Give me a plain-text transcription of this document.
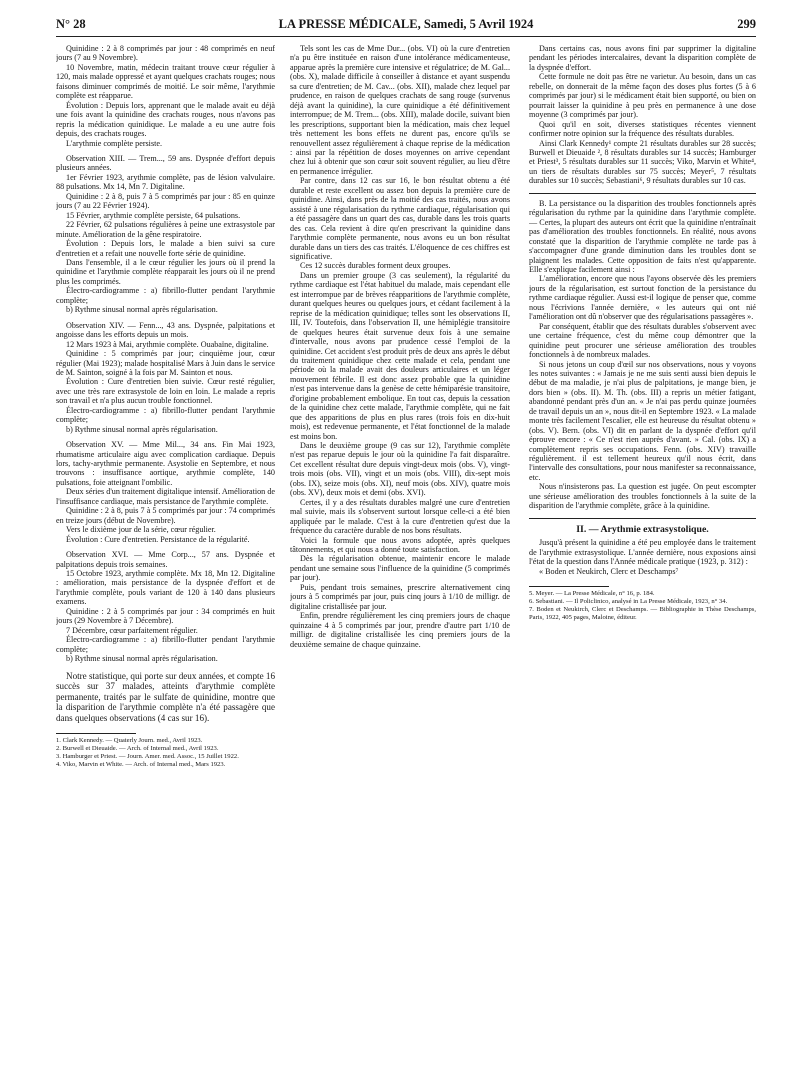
N° 28	LA PRESSE MÉDICALE, Samedi, 5 Avril 1924	299

Quinidine : 2 à 8 comprimés par jour : 48 comprimés en neuf jours (7 au 9 Novembre).

10 Novembre, matin, médecin traitant trouve cœur régulier à 120, mais malade oppressé et ayant quelques crachats rouges; nous faisons diminuer comprimés de moitié. Le soir même, l'arythmie complète est réapparue.

Évolution : Depuis lors, apprenant que le malade avait eu déjà une fois avant la quinidine des crachats rouges, nous n'avons pas repris la médication quinidique. Le malade a eu une autre fois depuis, des crachats rouges.

L'arythmie complète persiste.

Observation XIII. — Trem..., 59 ans. Dyspnée d'effort depuis plusieurs années.

1er Février 1923, arythmie complète, pas de lésion valvulaire. 88 pulsations. Mx 14, Mn 7. Digitaline.

Quinidine : 2 à 8, puis 7 à 5 comprimés par jour : 85 en quinze jours (7 au 22 Février 1924).

15 Février, arythmie complète persiste, 64 pulsations.

22 Février, 62 pulsations régulières à peine une extrasystole par minute. Amélioration de la gêne respiratoire.

Évolution : Depuis lors, le malade a bien suivi sa cure d'entretien et a refait une nouvelle forte série de quinidine.

Dans l'ensemble, il a le cœur régulier les jours où il prend la quinidine et l'arythmie complète réapparait les jours où il ne prend plus les comprimés.

Électro-cardiogramme : a) fibrillo-flutter pendant l'arythmie complète;

b) Rythme sinusal normal après régularisation.

Observation XIV. — Fenn..., 43 ans. Dyspnée, palpitations et angoisse dans les efforts depuis un mois.

12 Mars 1923 à Mai, arythmie complète. Ouabaïne, digitaline.

Quinidine : 5 comprimés par jour; cinquième jour, cœur régulier (Mai 1923); malade hospitalisé Mars à Juin dans le service de M. Sainton, soigné à la fois par M. Sainton et nous.

Évolution : Cure d'entretien bien suivie. Cœur resté régulier, avec une très rare extrasystole de loin en loin. Le malade a repris son travail et n'a plus aucun trouble fonctionnel.

Électro-cardiogramme : a) fibrillo-flutter pendant l'arythmie complète;

b) Rythme sinusal normal après régularisation.

Observation XV. — Mme Mil..., 34 ans. Fin Mai 1923, rhumatisme articulaire aigu avec complication cardiaque. Depuis lors, tachy-arythmie permanente. Asystolie en Septembre, et nous trouvons : insuffisance aortique, arythmie complète, 140 pulsations, foie atteignant l'ombilic.

Deux séries d'un traitement digitalique intensif. Amélioration de l'insuffisance cardiaque, mais persistance de l'arythmie complète.

Quinidine : 2 à 8, puis 7 à 5 comprimés par jour : 74 comprimés en treize jours (début de Novembre).

Vers le dixième jour de la série, cœur régulier.

Évolution : Cure d'entretien. Persistance de la régularité.

Observation XVI. — Mme Corp..., 57 ans. Dyspnée et palpitations depuis trois semaines.

15 Octobre 1923, arythmie complète. Mx 18, Mn 12. Digitaline : amélioration, mais persistance de la dyspnée d'effort et de l'arythmie complète, pouls variant de 120 à 140 dans plusieurs examens.

Quinidine : 2 à 5 comprimés par jour : 34 comprimés en huit jours (29 Novembre à 7 Décembre).

7 Décembre, cœur parfaitement régulier.

Électro-cardiogramme : a) fibrillo-flutter pendant l'arythmie complète;

b) Rythme sinusal normal après régularisation.

Notre statistique, qui porte sur deux années, et compte 16 succès sur 37 malades, atteints d'arythmie complète permanente, traités par le sulfate de quinidine, montre que la disparition de l'arythmie complète n'a été passagère que dans quelques observations (4 cas sur 16).

1. Clark Kennedy. — Quaterly Journ. med., Avril 1923.

2. Burwell et Dieuaide. — Arch. of Internal med., Avril 1923.

3. Hamburger et Priest. — Journ. Amer. med. Assoc., 15 Juillet 1922.

4. Viko, Marvin et White. — Arch. of Internal med., Mars 1923.

Tels sont les cas de Mme Dur... (obs. VI) où la cure d'entretien n'a pu être instituée en raison d'une intolérance médicamenteuse, apparue après la première cure intensive et régulatrice; de M. Gal... (obs. X), malade difficile à conseiller à distance et ayant suspendu sa cure d'entretien; de M. Cav... (obs. XII), malade chez lequel par prudence, en raison de quelques crachats de sang rouge (survenus déjà avant la quinidine), la cure quinidique a été définitivement interrompue; de M. Trem... (obs. XIII), malade docile, suivant bien les prescriptions, supportant bien la médication, mais chez lequel très nettement les bons effets ne durent pas, encore qu'ils se renouvellent assez régulièrement à chaque reprise de la médication : ainsi par la répétition de doses moyennes on arrive cependant chez lui à obtenir que son cœur soit souvent régulier, au lieu d'être en permanence irrégulier.

Par contre, dans 12 cas sur 16, le bon résultat obtenu a été durable et reste excellent ou assez bon depuis la première cure de quinidine. Ainsi, dans près de la moitié des cas traités, nous avons assisté à une régularisation du rythme cardiaque, régularisation qui a été passagère dans un quart des cas, durable dans les trois quarts des cas. Cela revient à dire qu'en prescrivant la quinidine dans l'arythmie complète permanente, nous avons eu un bon résultat durable dans un tiers des cas traités. L'éloquence de ces chiffres est significative.

Ces 12 succès durables forment deux groupes.

Dans un premier groupe (3 cas seulement), la régularité du rythme cardiaque est l'état habituel du malade, mais cependant elle est interrompue par de brèves réapparitions de l'arythmie complète, durant quelques heures ou quelques jours, et cédant facilement à la reprise de la médication quinidique; telles sont les observations II, III, IV. Toutefois, dans l'observation II, une hémiplégie transitoire de quelques heures était survenue deux fois à une semaine d'intervalle, nous avons par prudence cessé l'emploi de la quinidine. Cet accident s'est produit près de deux ans après le début du traitement quinidique chez cette malade et cela, pendant une période où la malade avait des douleurs articulaires et un léger mouvement fébrile. Il est donc assez probable que la quinidine n'est pas intervenue dans la genèse de cette hémiparésie transitoire, d'origine probablement embolique. En tout cas, depuis la cessation de la quinidine chez cette malade, l'arythmie complète, qui ne fait que des apparitions de plus en plus rares (trois fois en dix-huit mois), est redevenue permanente, et l'état fonctionnel de la malade est moins bon.

Dans le deuxième groupe (9 cas sur 12), l'arythmie complète n'est pas reparue depuis le jour où la quinidine l'a fait disparaître. Cet excellent résultat dure depuis vingt-deux mois (obs. V), vingt-trois mois (obs. VII), vingt et un mois (obs. VIII), dix-sept mois (obs. IX), seize mois (obs. XI), neuf mois (obs. XIV), quatre mois (obs. XV), deux mois et demi (obs. XVI).

Certes, il y a des résultats durables malgré une cure d'entretien mal suivie, mais ils s'observent surtout lorsque celle-ci a été bien appliquée par le malade. C'est à la cure d'entretien qu'est due la fréquence du caractère durable de nos bons résultats.

Voici la formule que nous avons adoptée, après quelques tâtonnements, et qui nous a donné toute satisfaction.

Dès la régularisation obtenue, maintenir encore le malade pendant une semaine sous l'influence de la quinidine (5 comprimés par jour).

Puis, pendant trois semaines, prescrire alternativement cinq jours à 5 comprimés par jour, puis cinq jours à 1/10 de milligr. de digitaline cristallisée par jour.

Enfin, prendre régulièrement les cinq premiers jours de chaque quinzaine 4 à 5 comprimés par jour, prendre d'autre part 1/10 de milligr. de digitaline cristallisée les cinq premiers jours de la deuxième semaine de chaque quinzaine.

Dans certains cas, nous avons fini par supprimer la digitaline pendant les périodes intercalaires, devant la disparition complète de la dyspnée d'effort.

Cette formule ne doit pas être ne varietur. Au besoin, dans un cas rebelle, on donnerait de la même façon des doses plus fortes (5 à 6 comprimés par jour) si le médicament était bien supporté, ou bien on pourrait laisser la quinidine à peu près en permanence à une dose moyenne (3 comprimés par jour).

Quoi qu'il en soit, diverses statistiques récentes viennent confirmer notre opinion sur la fréquence des résultats durables.

Ainsi Clark Kennedy¹ compte 21 résultats durables sur 28 succès; Burwell et Dieuaide ², 8 résultats durables sur 14 succès; Hamburger et Priest³, 5 résultats durables sur 11 succès; Viko, Marvin et White⁴, un tiers de résultats durables sur 75 succès; Meyer⁵, 7 résultats durables sur 10 succès; Sebastiani⁶, 9 résultats durables sur 10 cas.

B. La persistance ou la disparition des troubles fonctionnels après régularisation du rythme par la quinidine dans l'arythmie complète. — Certes, la plupart des auteurs ont écrit que la quinidine n'entraînait pas d'amélioration des troubles fonctionnels. En réalité, nous avons constaté que la disparition de l'arythmie complète ne tarde pas à s'accompagner d'une grande diminution dans les troubles dont se plaignent les malades. Cette opposition de faits n'est qu'apparente. Elle s'explique facilement ainsi :

L'amélioration, encore que nous l'ayons observée dès les premiers jours de la régularisation, est surtout fonction de la persistance du rythme cardiaque régulier. Aussi est-il logique de penser que, comme nous l'écrivions l'année dernière, « les auteurs qui ont nié l'amélioration ont dû n'observer que des régularisations passagères ».

Par conséquent, établir que des résultats durables s'observent avec une certaine fréquence, c'est du même coup démontrer que la quinidine peut procurer une sérieuse amélioration des troubles fonctionnels à de nombreux malades.

Si nous jetons un coup d'œil sur nos observations, nous y voyons les notes suivantes : « Jamais je ne me suis senti aussi bien depuis le début de ma maladie, je n'ai plus de palpitations, je mange bien, je dors bien » (obs. II). M. Th. (obs. III) a repris un métier fatigant, abandonné pendant près d'un an. « Je n'ai pas perdu quinze journées de travail depuis un an », nous dit-il en Septembre 1923. « La malade monte très facilement l'escalier, elle est heureuse du résultat obtenu » (obs. V). Bern. (obs. VI) dit en parlant de la dyspnée d'effort qu'il éprouve encore : « Ce n'est rien auprès d'avant. » Cal. (obs. IX) a complètement repris ses occupations. Fenn. (obs. XIV) travaille régulièrement. il est tellement heureux qu'il nous écrit, dans l'intervalle des consultations, pour nous manifester sa reconnaissance, etc.

Nous n'insisterons pas. La question est jugée. On peut escompter une sérieuse amélioration des troubles fonctionnels à la suite de la disparition de l'arythmie complète, grâce à la quinidine.

II. — Arythmie extrasystolique.

Jusqu'à présent la quinidine a été peu employée dans le traitement de l'arythmie extrasystolique. L'année dernière, nous exposions ainsi l'état de la question dans l'Année médicale pratique (1923, p. 312) :

« Boden et Neukirch, Clerc et Deschamps⁷

5. Meyer. — La Presse Médicale, n° 16, p. 184.

6. Sebastiani. — Il Policlinico, analysé in La Presse Médicale, 1923, n° 34.

7. Boden et Neukirch, Clerc et Deschamps. — Bibliographie in Thèse Deschamps, Paris, 1922, 405 pages, Maloine, éditeur.
